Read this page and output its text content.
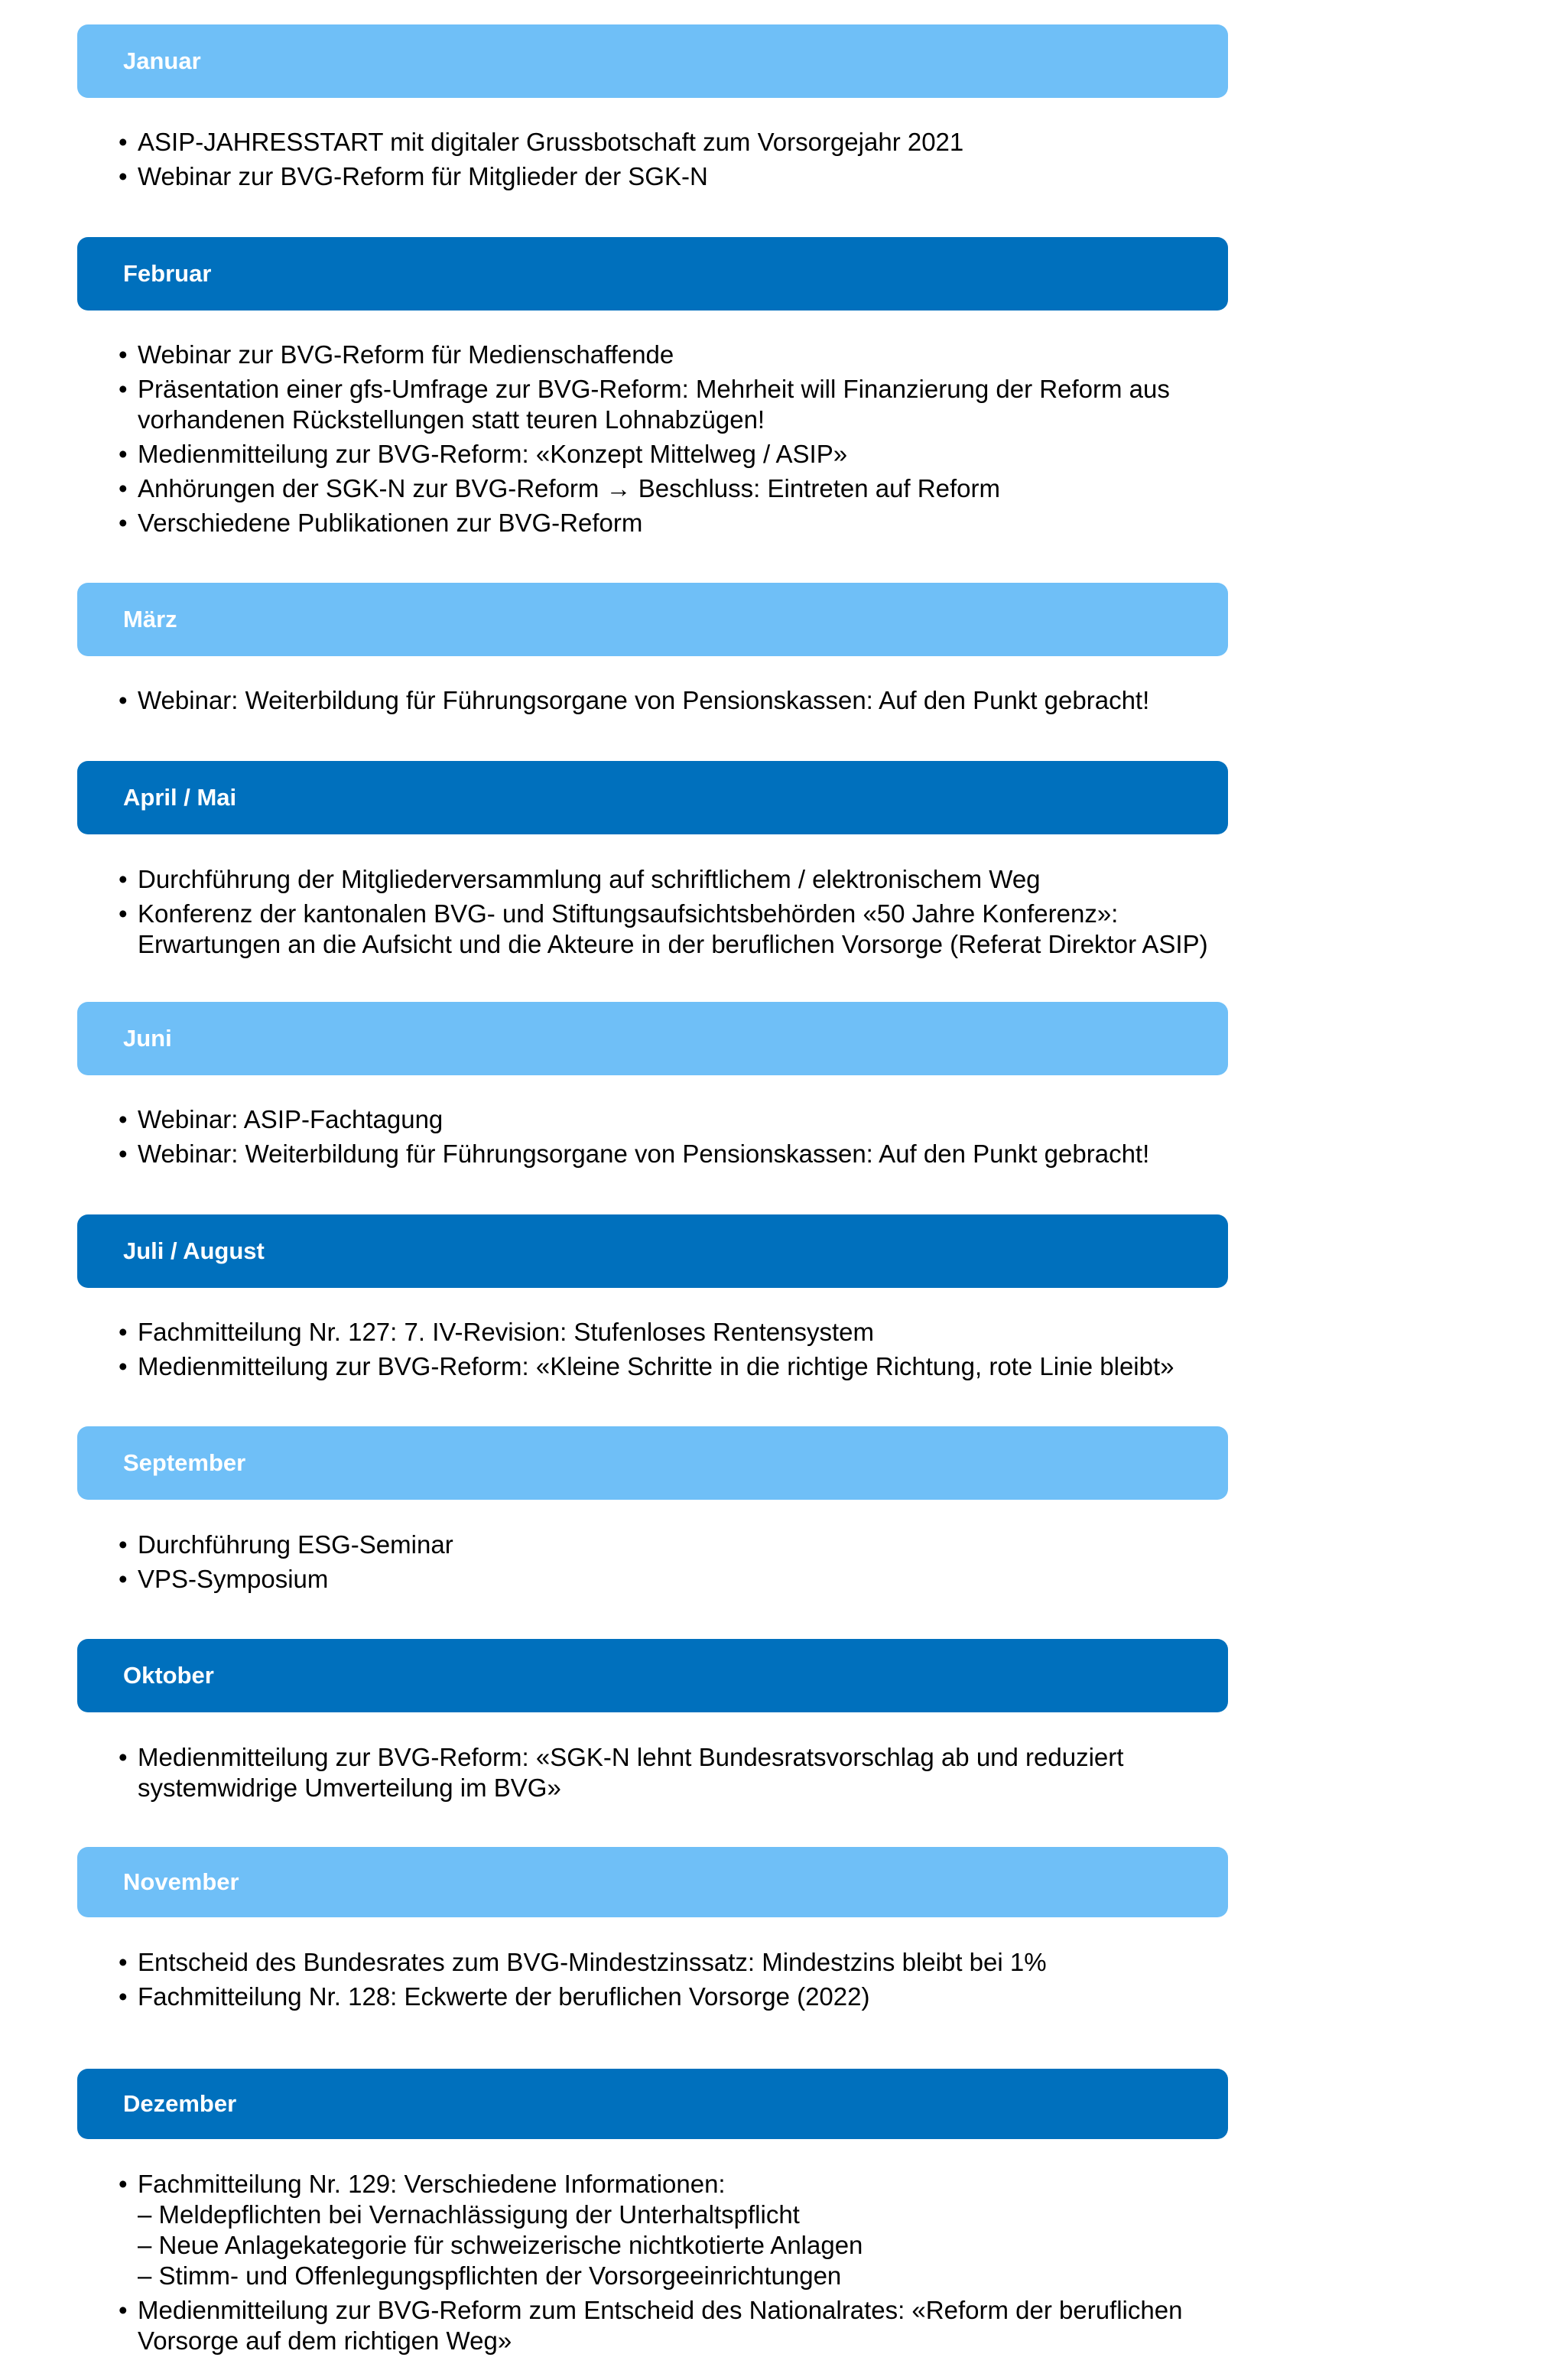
Januar
• ASIP-JAHRESSTART mit digitaler Grussbotschaft zum Vorsorgejahr 2021
• Webinar zur BVG-Reform für Mitglieder der SGK-N
Februar
• Webinar zur BVG-Reform für Medienschaffende
• Präsentation einer gfs-Umfrage zur BVG-Reform: Mehrheit will Finanzierung der Reform aus
vorhandenen Rückstellungen statt teuren Lohnabzügen!
• Medienmitteilung zur BVG-Reform: «Konzept Mittelweg / ASIP»
• Anhörungen der SGK-N zur BVG-Reform → Beschluss: Eintreten auf Reform
• Verschiedene Publikationen zur BVG-Reform
März
• Webinar: Weiterbildung für Führungsorgane von Pensionskassen: Auf den Punkt gebracht!
April / Mai
• Durchführung der Mitgliederversammlung auf schriftlichem / elektronischem Weg
• Konferenz der kantonalen BVG- und Stiftungsaufsichtsbehörden «50 Jahre Konferenz»:
Erwartungen an die Aufsicht und die Akteure in der beruflichen Vorsorge (Referat Direktor ASIP)
Juni
• Webinar: ASIP-Fachtagung
• Webinar: Weiterbildung für Führungsorgane von Pensionskassen: Auf den Punkt gebracht!
Juli / August
• Fachmitteilung Nr. 127: 7. IV-Revision: Stufenloses Rentensystem
• Medienmitteilung zur BVG-Reform: «Kleine Schritte in die richtige Richtung, rote Linie bleibt»
September
• Durchführung ESG-Seminar
• VPS-Symposium
Oktober
• Medienmitteilung zur BVG-Reform: «SGK-N lehnt Bundesratsvorschlag ab und reduziert
systemwidrige Umverteilung im BVG»
November
• Entscheid des Bundesrates zum BVG-Mindestzinssatz: Mindestzins bleibt bei 1%
• Fachmitteilung Nr. 128: Eckwerte der beruflichen Vorsorge (2022)
Dezember
• Fachmitteilung Nr. 129: Verschiedene Informationen:
– Meldepflichten bei Vernachlässigung der Unterhaltspflicht
– Neue Anlagekategorie für schweizerische nichtkotierte Anlagen
– Stimm- und Offenlegungspflichten der Vorsorgeeinrichtungen
• Medienmitteilung zur BVG-Reform zum Entscheid des Nationalrates: «Reform der beruflichen
Vorsorge auf dem richtigen Weg»
